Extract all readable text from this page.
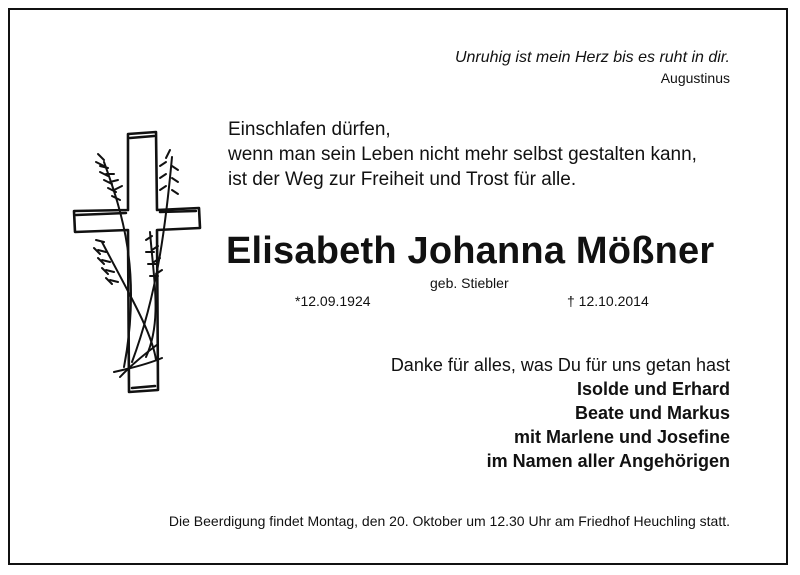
Unruhig ist mein Herz bis es ruht in dir.
Augustinus
Einschlafen dürfen,
wenn man sein Leben nicht mehr selbst gestalten kann,
ist der Weg zur Freiheit und Trost für alle.
Elisabeth Johanna Mößner
geb. Stiebler
*12.09.1924	† 12.10.2014
Danke für alles, was Du für uns getan hast
Isolde und Erhard
Beate und Markus
mit Marlene und Josefine
im Namen aller Angehörigen
Die Beerdigung findet Montag, den 20. Oktober um 12.30 Uhr am Friedhof Heuchling statt.
